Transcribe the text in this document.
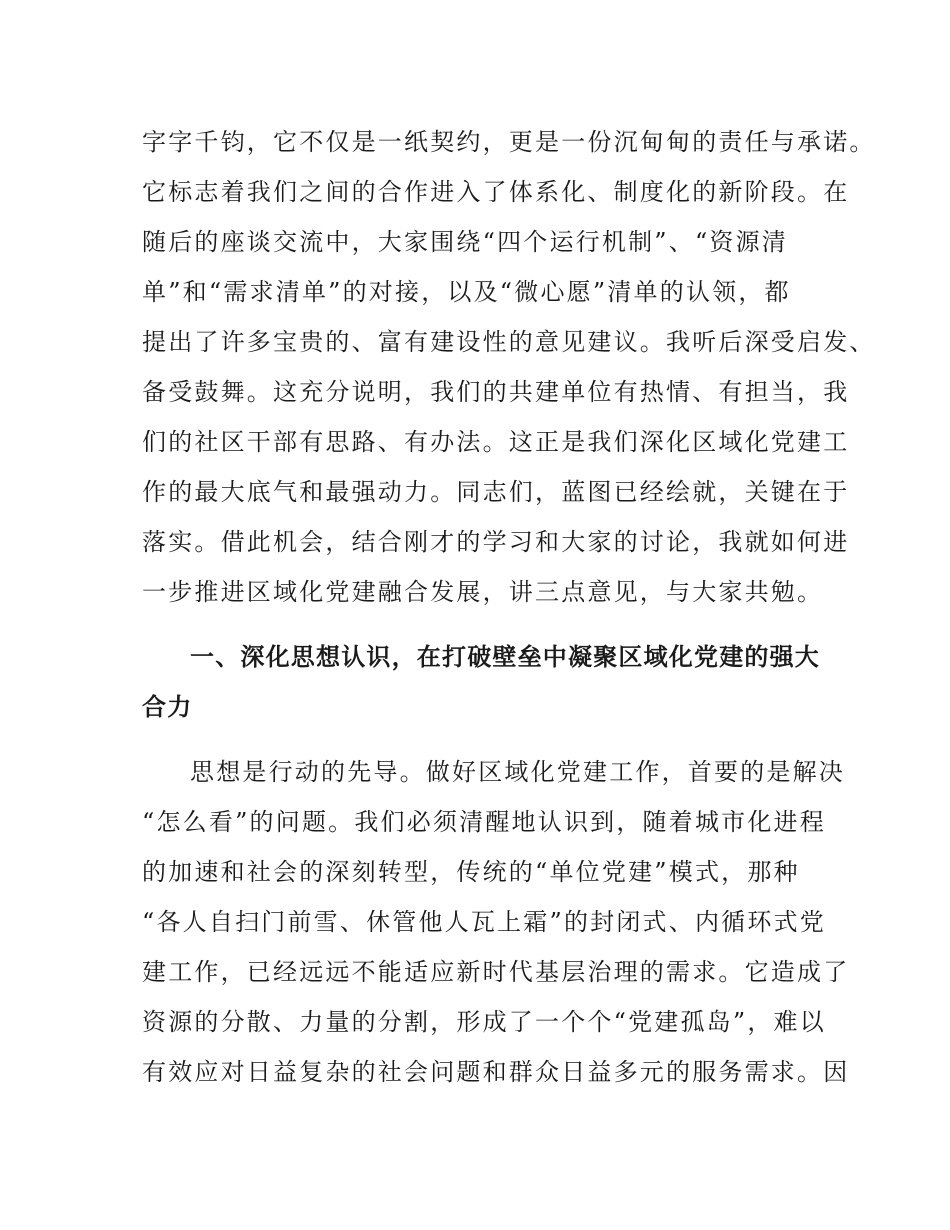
字字千钧，它不仅是一纸契约，更是一份沉甸甸的责任与承诺。
它标志着我们之间的合作进入了体系化、制度化的新阶段。在
随后的座谈交流中，大家围绕“四个运行机制”、“资源清
单”和“需求清单”的对接，以及“微心愿”清单的认领，都
提出了许多宝贵的、富有建设性的意见建议。我听后深受启发、
备受鼓舞。这充分说明，我们的共建单位有热情、有担当，我
们的社区干部有思路、有办法。这正是我们深化区域化党建工
作的最大底气和最强动力。同志们，蓝图已经绘就，关键在于
落实。借此机会，结合刚才的学习和大家的讨论，我就如何进
一步推进区域化党建融合发展，讲三点意见，与大家共勉。
一、深化思想认识，在打破壁垒中凝聚区域化党建的强大
合力
思想是行动的先导。做好区域化党建工作，首要的是解决
“怎么看”的问题。我们必须清醒地认识到，随着城市化进程
的加速和社会的深刻转型，传统的“单位党建”模式，那种
“各人自扫门前雪、休管他人瓦上霜”的封闭式、内循环式党
建工作，已经远远不能适应新时代基层治理的需求。它造成了
资源的分散、力量的分割，形成了一个个“党建孤岛”，难以
有效应对日益复杂的社会问题和群众日益多元的服务需求。因
